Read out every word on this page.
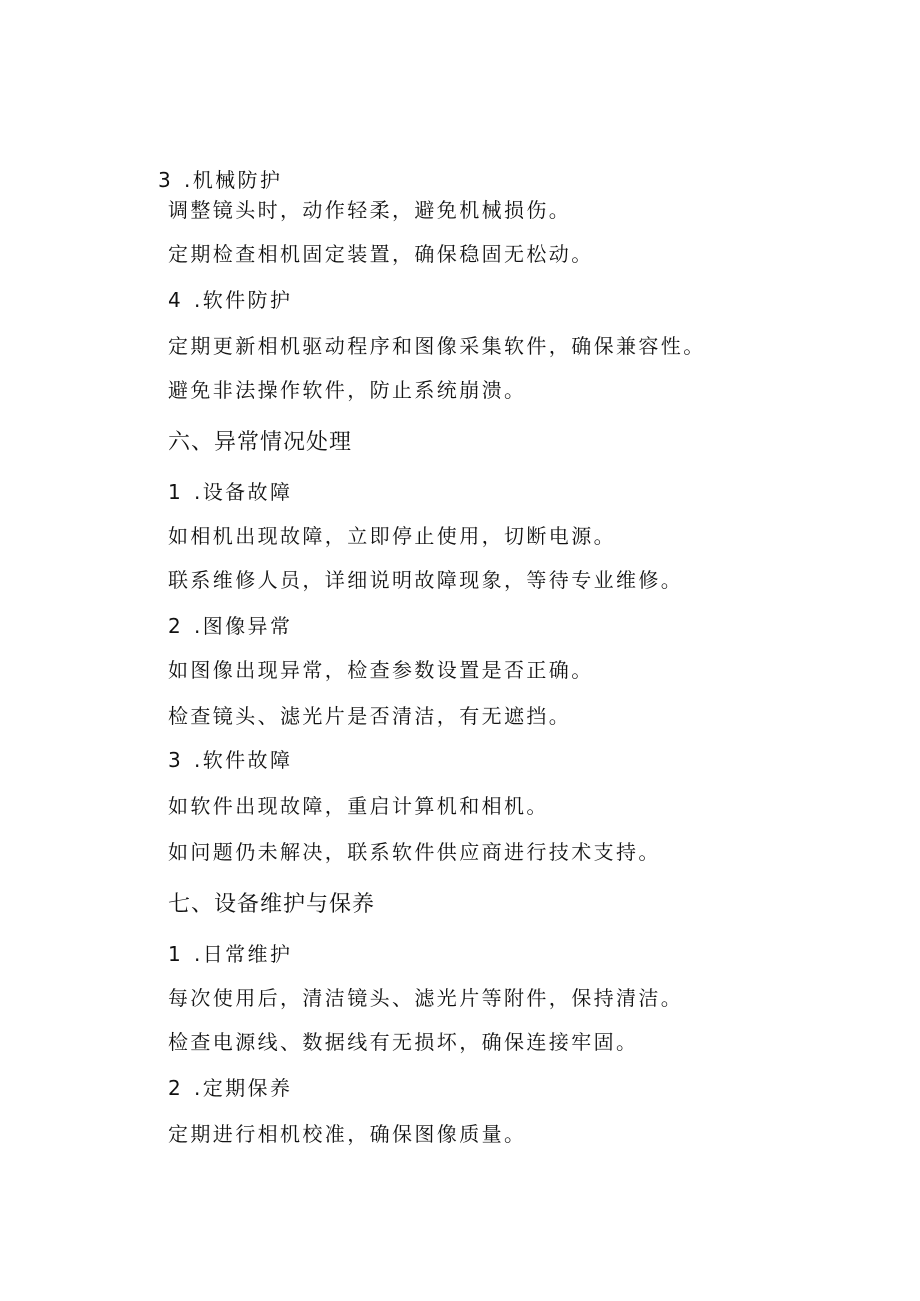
3 .机械防护
调整镜头时，动作轻柔，避免机械损伤。
定期检查相机固定装置，确保稳固无松动。
4 .软件防护
定期更新相机驱动程序和图像采集软件，确保兼容性。
避免非法操作软件，防止系统崩溃。
六、异常情况处理
1 .设备故障
如相机出现故障，立即停止使用，切断电源。
联系维修人员，详细说明故障现象，等待专业维修。
2 .图像异常
如图像出现异常，检查参数设置是否正确。
检查镜头、滤光片是否清洁，有无遮挡。
3 .软件故障
如软件出现故障，重启计算机和相机。
如问题仍未解决，联系软件供应商进行技术支持。
七、设备维护与保养
1 .日常维护
每次使用后，清洁镜头、滤光片等附件，保持清洁。
检查电源线、数据线有无损坏，确保连接牢固。
2 .定期保养
定期进行相机校准，确保图像质量。
